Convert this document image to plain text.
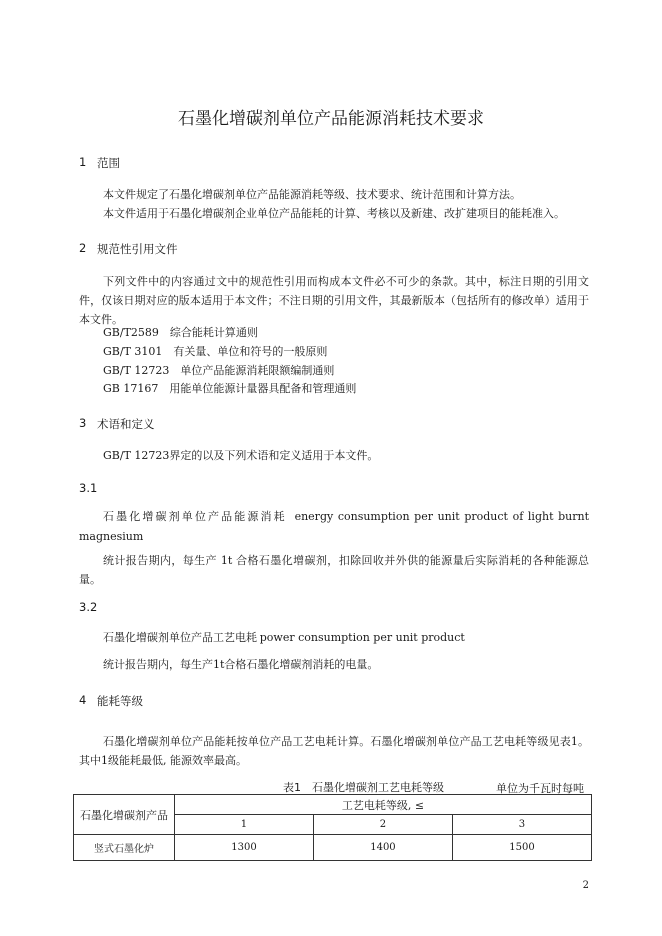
石墨化增碳剂单位产品能源消耗技术要求
1 范围
本文件规定了石墨化增碳剂单位产品能源消耗等级、技术要求、统计范围和计算方法。
本文件适用于石墨化增碳剂企业单位产品能耗的计算、考核以及新建、改扩建项目的能耗准入。
2 规范性引用文件
下列文件中的内容通过文中的规范性引用而构成本文件必不可少的条款。其中，标注日期的引用文件，仅该日期对应的版本适用于本文件；不注日期的引用文件，其最新版本（包括所有的修改单）适用于本文件。
GB/T2589　综合能耗计算通则
GB/T 3101　有关量、单位和符号的一般原则
GB/T 12723　单位产品能源消耗限额编制通则
GB 17167　用能单位能源计量器具配备和管理通则
3 术语和定义
GB/T 12723界定的以及下列术语和定义适用于本文件。
3.1
石墨化增碳剂单位产品能源消耗 energy consumption per unit product of light burnt magnesium
统计报告期内，每生产 1t 合格石墨化增碳剂，扣除回收并外供的能源量后实际消耗的各种能源总量。
3.2
石墨化增碳剂单位产品工艺电耗 power consumption per unit product
统计报告期内，每生产1t合格石墨化增碳剂消耗的电量。
4 能耗等级
石墨化增碳剂单位产品能耗按单位产品工艺电耗计算。石墨化增碳剂单位产品工艺电耗等级见表1。其中1级能耗最低, 能源效率最高。
表1　石墨化增碳剂工艺电耗等级	单位为千瓦时每吨
石墨化增碳剂产品	工艺电耗等级, ≤		
	1	2	3
竖式石墨化炉	1300	1400	1500
2
